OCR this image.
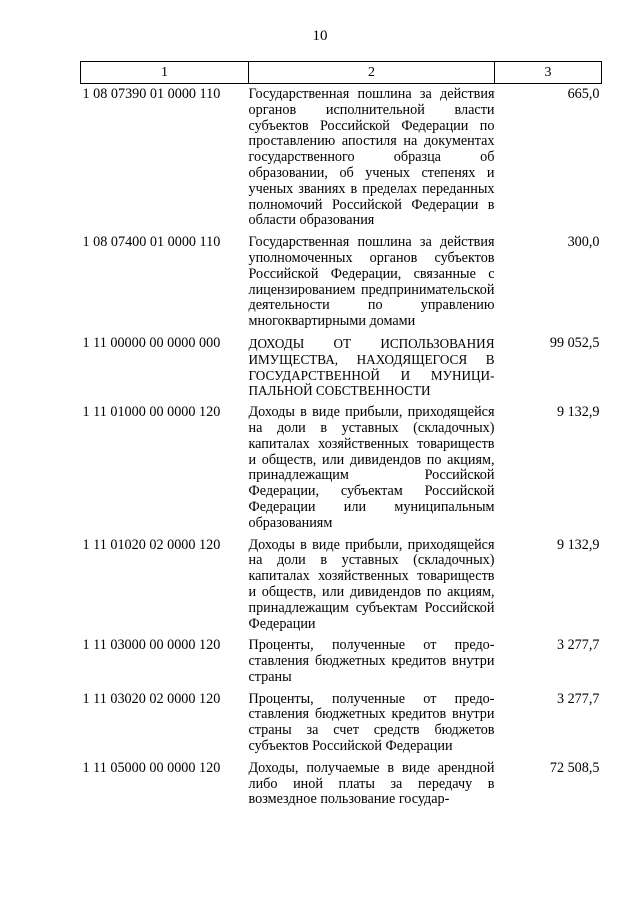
10
1	2	3
1 08 07390 01 0000 110	Государственная пошлина за действия органов исполнительной власти субъектов Российской Федерации по проставлению апостиля на документах государственного образца об образовании, об ученых степенях и ученых званиях в пределах переданных полномочий Российской Федерации в области образования	665,0
1 08 07400 01 0000 110	Государственная пошлина за действия уполномоченных органов субъектов Российской Федерации, связанные с лицензированием предпринимательской деятельности по управлению многоквартирными домами	300,0
1 11 00000 00 0000 000	ДОХОДЫ ОТ ИСПОЛЬЗОВАНИЯ ИМУЩЕСТВА, НАХОДЯЩЕГОСЯ В ГОСУДАРСТВЕННОЙ И МУНИЦИПАЛЬНОЙ СОБСТВЕННОСТИ	99 052,5
1 11 01000 00 0000 120	Доходы в виде прибыли, приходящейся на доли в уставных (складочных) капиталах хозяйственных товариществ и обществ, или дивидендов по акциям, принадлежащим Российской Федерации, субъектам Российской Федерации или муниципальным образованиям	9 132,9
1 11 01020 02 0000 120	Доходы в виде прибыли, приходящейся на доли в уставных (складочных) капиталах хозяйственных товариществ и обществ, или дивидендов по акциям, принадлежащим субъектам Российской Федерации	9 132,9
1 11 03000 00 0000 120	Проценты, полученные от предоставления бюджетных кредитов внутри страны	3 277,7
1 11 03020 02 0000 120	Проценты, полученные от предоставления бюджетных кредитов внутри страны за счет средств бюджетов субъектов Российской Федерации	3 277,7
1 11 05000 00 0000 120	Доходы, получаемые в виде арендной либо иной платы за передачу в возмездное пользование государ-	72 508,5
